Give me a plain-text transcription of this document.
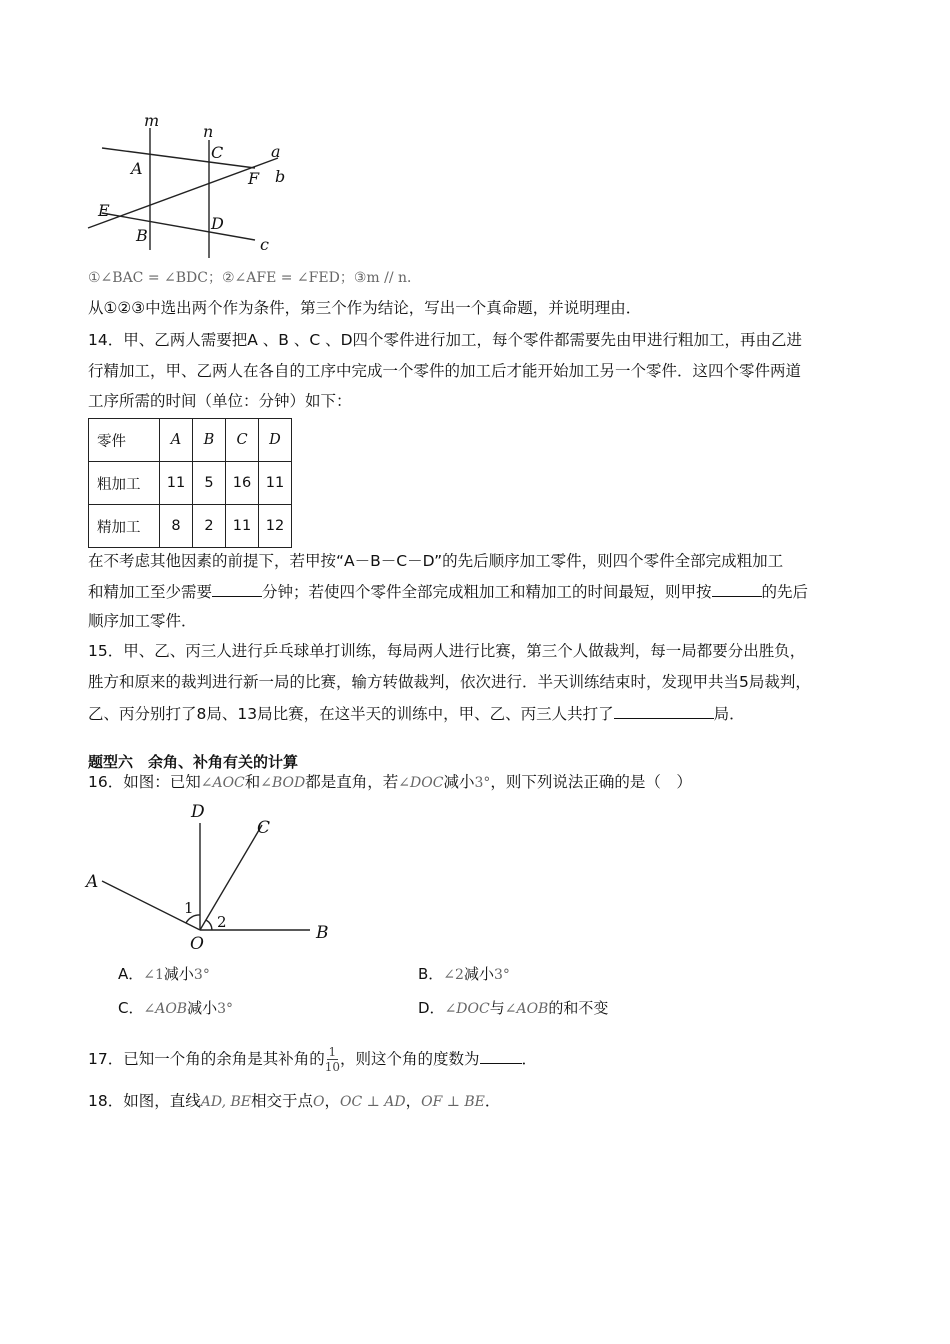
m
n
a
b
c
A
B
C
D
E
F
①∠BAC = ∠BDC；②∠AFE = ∠FED；③m // n．
从①②③中选出两个作为条件，第三个作为结论，写出一个真命题，并说明理由．
14．甲、乙两人需要把A 、B 、C 、D四个零件进行加工，每个零件都需要先由甲进行粗加工，再由乙进
行精加工，甲、乙两人在各自的工序中完成一个零件的加工后才能开始加工另一个零件．这四个零件两道
工序所需的时间（单位：分钟）如下：
零件	A	B	C	D
粗加工	11	5	16	11
精加工	8	2	11	12
在不考虑其他因素的前提下，若甲按“A－B－C－D”的先后顺序加工零件，则四个零件全部完成粗加工
和精加工至少需要	分钟；若使四个零件全部完成粗加工和精加工的时间最短，则甲按	的先后
顺序加工零件．
15．甲、乙、丙三人进行乒乓球单打训练，每局两人进行比赛，第三个人做裁判，每一局都要分出胜负，
胜方和原来的裁判进行新一局的比赛，输方转做裁判，依次进行．半天训练结束时，发现甲共当5局裁判，
乙、丙分别打了8局、13局比赛，在这半天的训练中，甲、乙、丙三人共打了	局．
题型六　余角、补角有关的计算
16．如图：已知∠AOC和∠BOD都是直角，若∠DOC减小3°，则下列说法正确的是（　）
D
C
A
B
O
1
2
A．∠1减小3°	B．∠2减小3°
C．∠AOB减小3°	D．∠DOC与∠AOB的和不变
17．已知一个角的余角是其补角的 $\frac{1}{10}$ ，则这个角的度数为	．
18．如图，直线AD, BE相交于点O，OC ⊥ AD，OF ⊥ BE．
